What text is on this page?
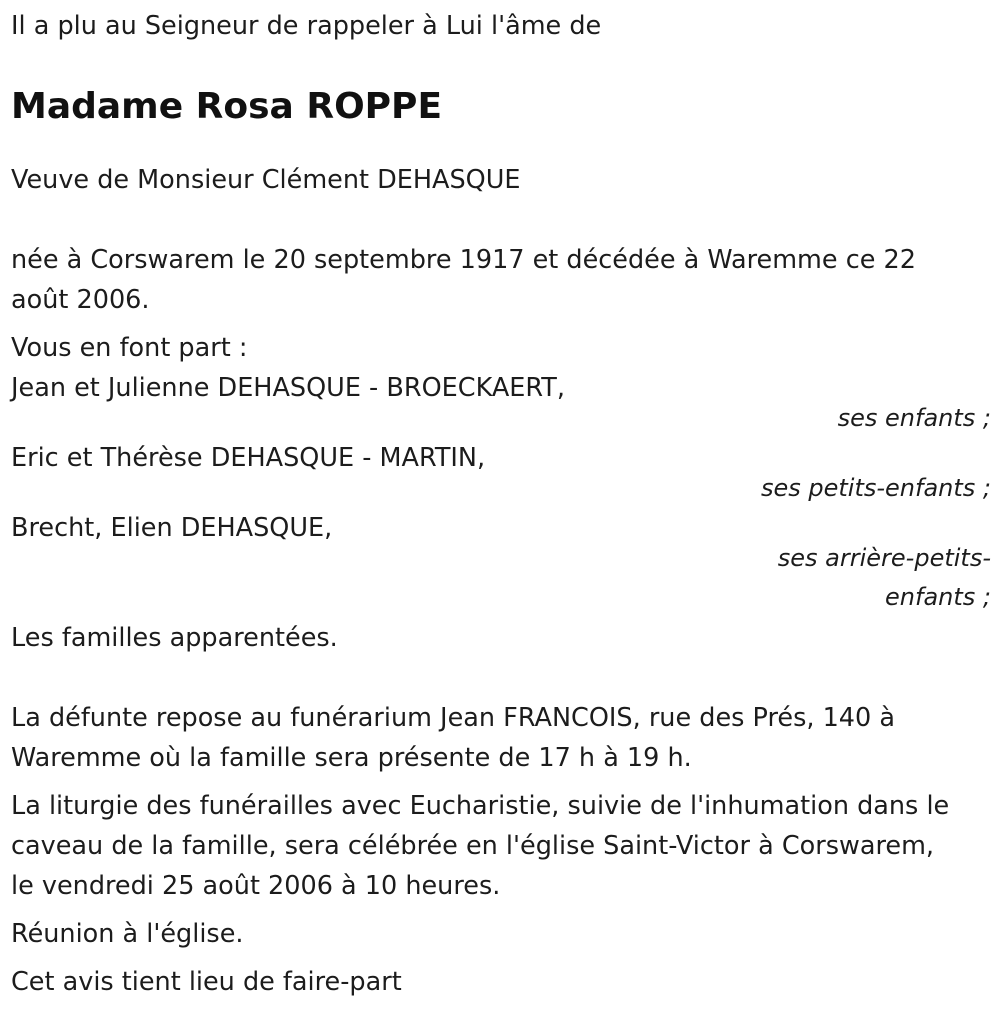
Il a plu au Seigneur de rappeler à Lui l'âme de

Madame Rosa ROPPE

Veuve de Monsieur Clément DEHASQUE

née à Corswarem le 20 septembre 1917 et décédée à Waremme ce 22
août 2006.

Vous en font part :

Jean et Julienne DEHASQUE - BROECKAERT,

ses enfants ;

Eric et Thérèse DEHASQUE - MARTIN,

ses petits-enfants ;

Brecht, Elien DEHASQUE,

ses arrière-petits-
enfants ;

Les familles apparentées.

La défunte repose au funérarium Jean FRANCOIS, rue des Prés, 140 à
Waremme où la famille sera présente de 17 h à 19 h.

La liturgie des funérailles avec Eucharistie, suivie de l'inhumation dans le
caveau de la famille, sera célébrée en l'église Saint-Victor à Corswarem,
le vendredi 25 août 2006 à 10 heures.

Réunion à l'église.

Cet avis tient lieu de faire-part
